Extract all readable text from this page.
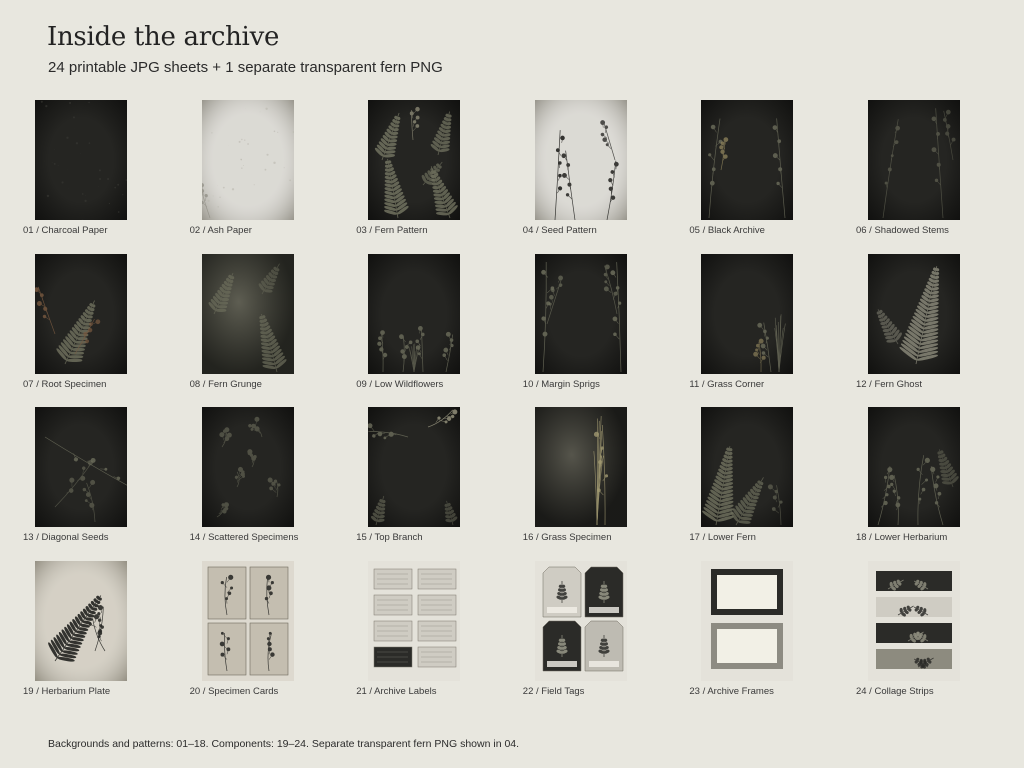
Inside the archive
24 printable JPG sheets + 1 separate transparent fern PNG
01 / Charcoal Paper	02 / Ash Paper	03 / Fern Pattern	04 / Seed Pattern	05 / Black Archive	06 / Shadowed Stems
07 / Root Specimen	08 / Fern Grunge	09 / Low Wildflowers	10 / Margin Sprigs	11 / Grass Corner	12 / Fern Ghost
13 / Diagonal Seeds	14 / Scattered Specimens	15 / Top Branch	16 / Grass Specimen	17 / Lower Fern	18 / Lower Herbarium
19 / Herbarium Plate	20 / Specimen Cards	21 / Archive Labels	22 / Field Tags	23 / Archive Frames	24 / Collage Strips
Backgrounds and patterns: 01–18. Components: 19–24. Separate transparent fern PNG shown in 04.
